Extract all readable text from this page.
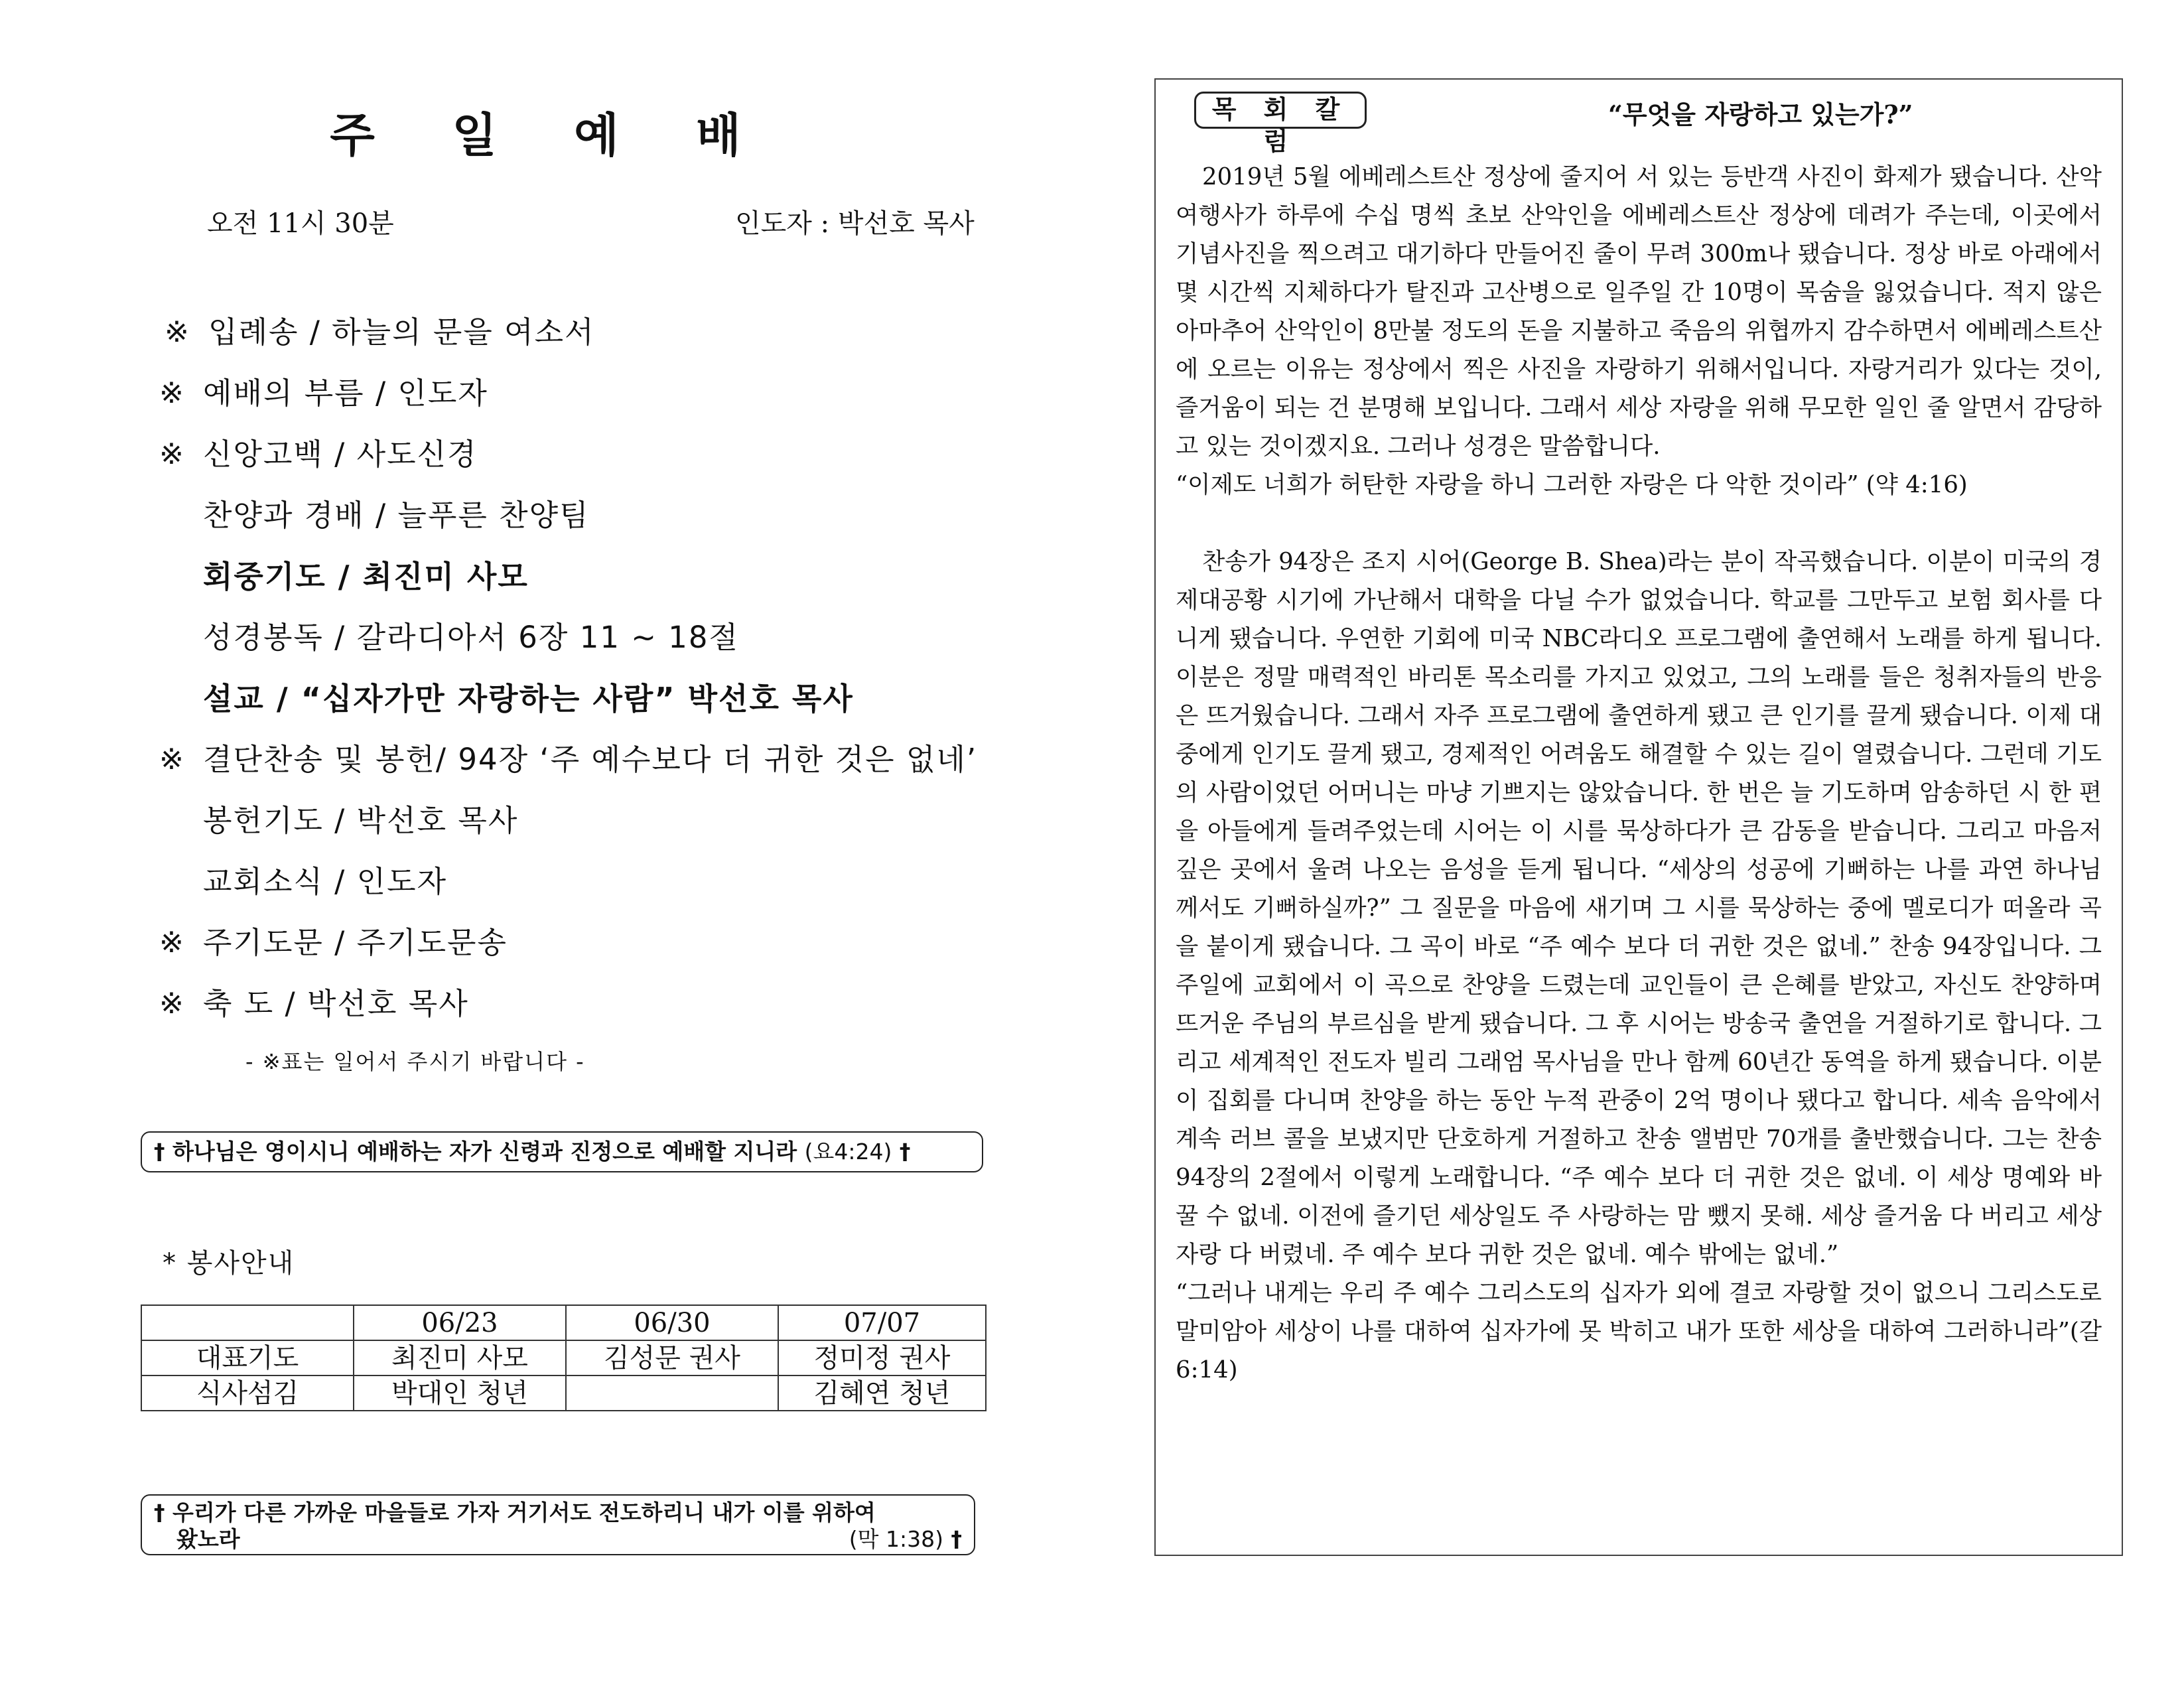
주 일 예 배
오전 11시 30분	인도자 : 박선호 목사
※ 입례송 / 하늘의 문을 여소서
※ 예배의 부름 / 인도자
※ 신앙고백 / 사도신경
찬양과 경배 / 늘푸른 찬양팀
회중기도 / 최진미 사모
성경봉독 / 갈라디아서 6장 11 ~ 18절
설교 / “십자가만 자랑하는 사람” 박선호 목사
※ 결단찬송 및 봉헌/ 94장 ‘주 예수보다 더 귀한 것은 없네’
봉헌기도 / 박선호 목사
교회소식 / 인도자
※ 주기도문 / 주기도문송
※ 축 도 / 박선호 목사
- ※표는 일어서 주시기 바랍니다 -
† 하나님은 영이시니 예배하는 자가 신령과 진정으로 예배할 지니라 (요4:24) †
* 봉사안내
	06/23	06/30	07/07
대표기도	최진미 사모	김성문 권사	정미정 권사
식사섬김	박대인 청년		김혜연 청년
† 우리가 다른 가까운 마을들로 가자 거기서도 전도하리니 내가 이를 위하여
왔노라	(막 1:38) †
목 회 칼 럼
“무엇을 자랑하고 있는가?”

2019년 5월 에베레스트산 정상에 줄지어 서 있는 등반객 사진이 화제가 됐습니다. 산악 여행사가 하루에 수십 명씩 초보 산악인을 에베레스트산 정상에 데려가 주는데, 이곳에서 기념사진을 찍으려고 대기하다 만들어진 줄이 무려 300m나 됐습니다. 정상 바로 아래에서 몇 시간씩 지체하다가 탈진과 고산병으로 일주일 간 10명이 목숨을 잃었습니다. 적지 않은 아마추어 산악인이 8만불 정도의 돈을 지불하고 죽음의 위협까지 감수하면서 에베레스트산에 오르는 이유는 정상에서 찍은 사진을 자랑하기 위해서입니다. 자랑거리가 있다는 것이, 즐거움이 되는 건 분명해 보입니다. 그래서 세상 자랑을 위해 무모한 일인 줄 알면서 감당하고 있는 것이겠지요. 그러나 성경은 말씀합니다.

“이제도 너희가 허탄한 자랑을 하니 그러한 자랑은 다 악한 것이라” (약 4:16)

찬송가 94장은 조지 시어(George B. Shea)라는 분이 작곡했습니다. 이분이 미국의 경제대공황 시기에 가난해서 대학을 다닐 수가 없었습니다. 학교를 그만두고 보험 회사를 다니게 됐습니다. 우연한 기회에 미국 NBC라디오 프로그램에 출연해서 노래를 하게 됩니다. 이분은 정말 매력적인 바리톤 목소리를 가지고 있었고, 그의 노래를 들은 청취자들의 반응은 뜨거웠습니다. 그래서 자주 프로그램에 출연하게 됐고 큰 인기를 끌게 됐습니다. 이제 대중에게 인기도 끌게 됐고, 경제적인 어려움도 해결할 수 있는 길이 열렸습니다. 그런데 기도의 사람이었던 어머니는 마냥 기쁘지는 않았습니다. 한 번은 늘 기도하며 암송하던 시 한 편을 아들에게 들려주었는데 시어는 이 시를 묵상하다가 큰 감동을 받습니다. 그리고 마음저 깊은 곳에서 울려 나오는 음성을 듣게 됩니다. “세상의 성공에 기뻐하는 나를 과연 하나님께서도 기뻐하실까?” 그 질문을 마음에 새기며 그 시를 묵상하는 중에 멜로디가 떠올라 곡을 붙이게 됐습니다. 그 곡이 바로 “주 예수 보다 더 귀한 것은 없네.” 찬송 94장입니다. 그 주일에 교회에서 이 곡으로 찬양을 드렸는데 교인들이 큰 은혜를 받았고, 자신도 찬양하며 뜨거운 주님의 부르심을 받게 됐습니다. 그 후 시어는 방송국 출연을 거절하기로 합니다. 그리고 세계적인 전도자 빌리 그래엄 목사님을 만나 함께 60년간 동역을 하게 됐습니다. 이분이 집회를 다니며 찬양을 하는 동안 누적 관중이 2억 명이나 됐다고 합니다. 세속 음악에서 계속 러브 콜을 보냈지만 단호하게 거절하고 찬송 앨범만 70개를 출반했습니다. 그는 찬송 94장의 2절에서 이렇게 노래합니다. “주 예수 보다 더 귀한 것은 없네. 이 세상 명예와 바꿀 수 없네. 이전에 즐기던 세상일도 주 사랑하는 맘 뺐지 못해. 세상 즐거움 다 버리고 세상 자랑 다 버렸네. 주 예수 보다 귀한 것은 없네. 예수 밖에는 없네.”

“그러나 내게는 우리 주 예수 그리스도의 십자가 외에 결코 자랑할 것이 없으니 그리스도로 말미암아 세상이 나를 대하여 십자가에 못 박히고 내가 또한 세상을 대하여 그러하니라”(갈 6:14)
